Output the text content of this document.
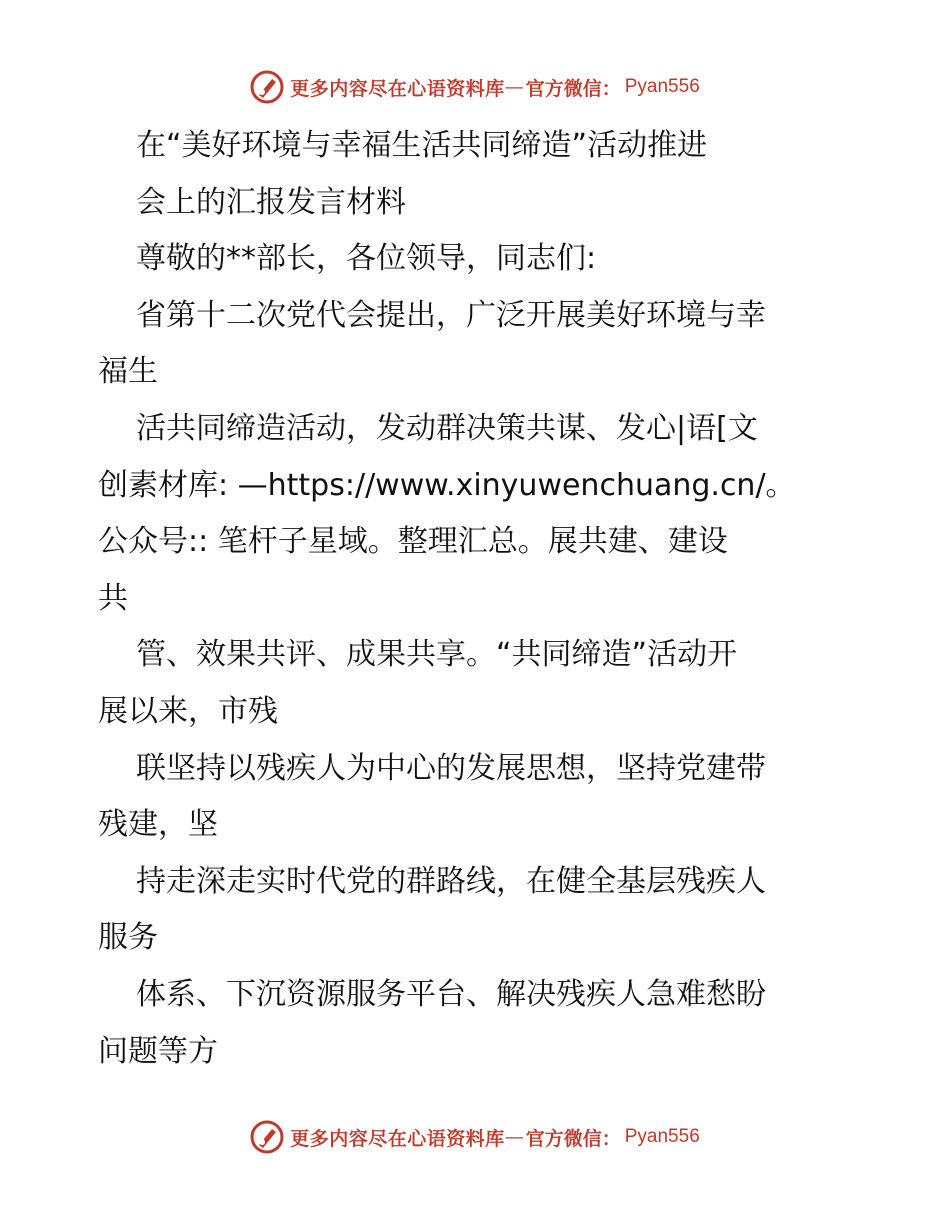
更多内容尽在心语资料库 — 官方微信： Pyan556
在“美好环境与幸福生活共同缔造”活动推进
会上的汇报发言材料
尊敬的**部长，各位领导，同志们:
省第十二次党代会提出，广泛开展美好环境与幸
福生
活共同缔造活动，发动群决策共谋、发心|语[文
创素材库: —https://www.xinyuwenchuang.cn/。
公众号:: 笔杆子星域。整理汇总。展共建、建设
共
管、效果共评、成果共享。“共同缔造”活动开
展以来，市残
联坚持以残疾人为中心的发展思想，坚持党建带
残建，坚
持走深走实时代党的群路线，在健全基层残疾人
服务
体系、下沉资源服务平台、解决残疾人急难愁盼
问题等方
更多内容尽在心语资料库 — 官方微信： Pyan556
